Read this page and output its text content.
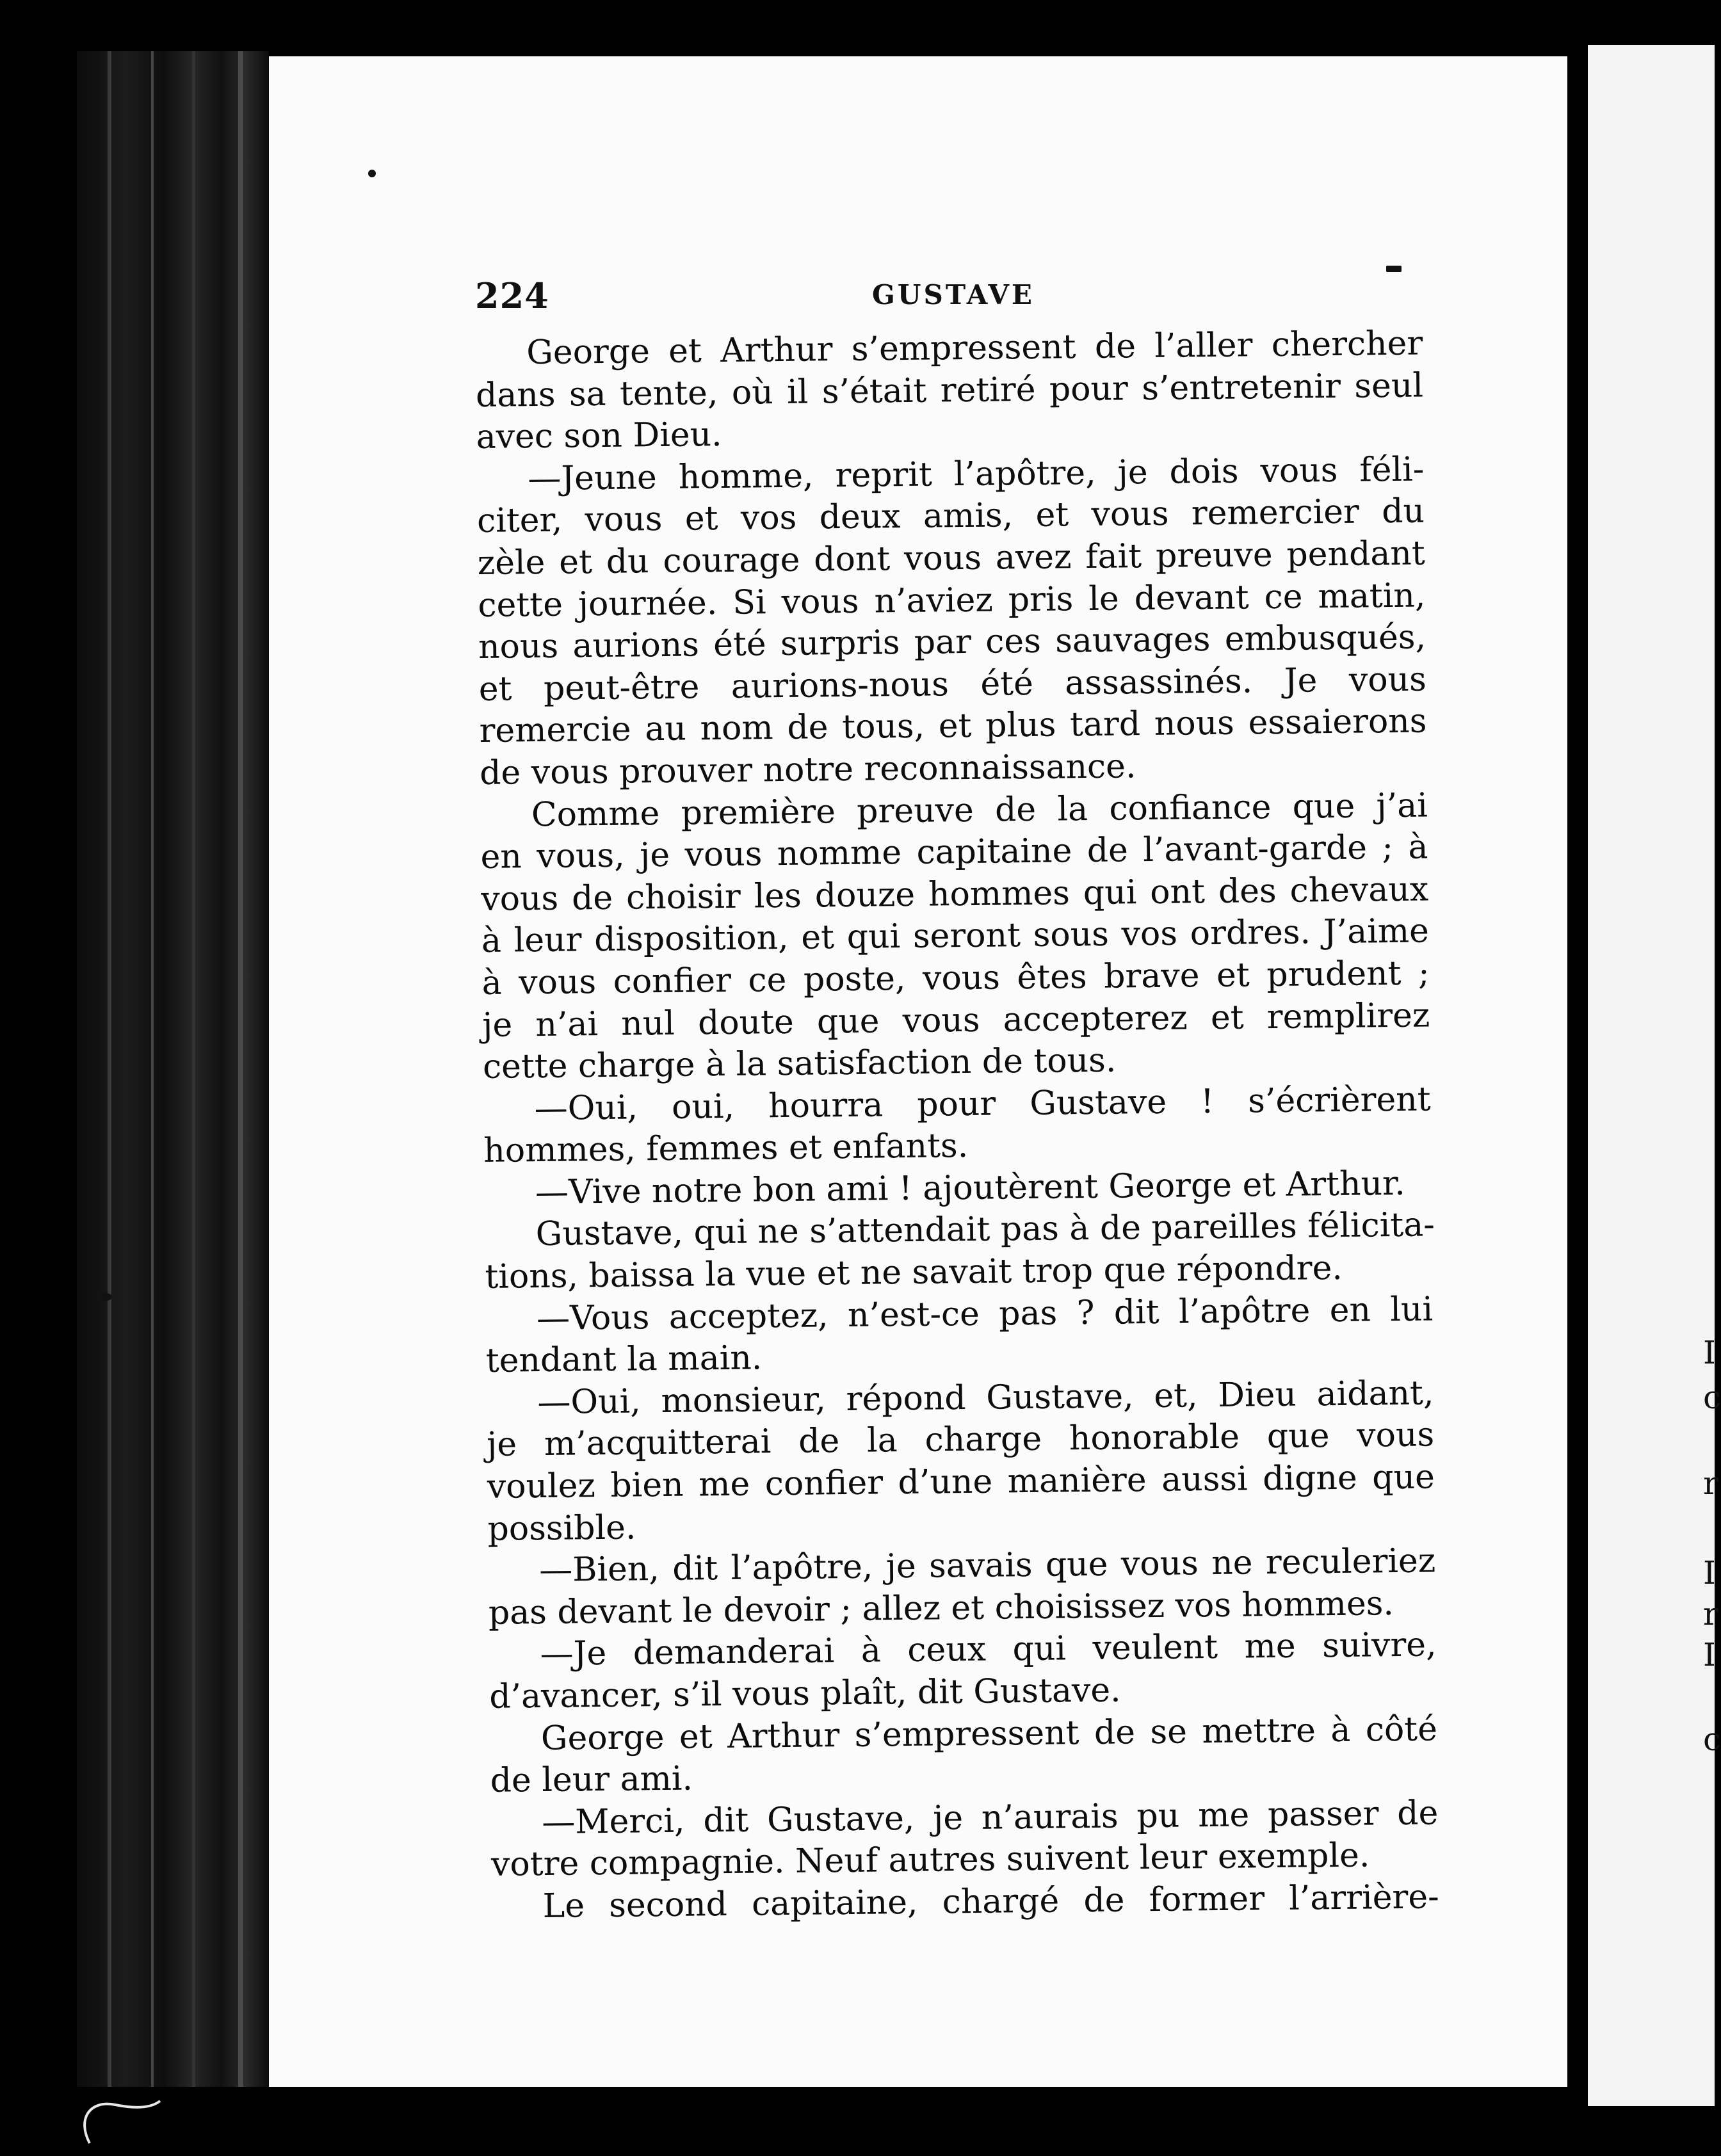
I
c
r
I
r
I
c
224	GUSTAVE
George et Arthur s’empressent de l’aller chercher
dans sa tente, où il s’était retiré pour s’entretenir seul
avec son Dieu.
—Jeune homme, reprit l’apôtre, je dois vous féli-
citer, vous et vos deux amis, et vous remercier du
zèle et du courage dont vous avez fait preuve pendant
cette journée. Si vous n’aviez pris le devant ce matin,
nous aurions été surpris par ces sauvages embusqués,
et peut-être aurions-nous été assassinés. Je vous
remercie au nom de tous, et plus tard nous essaierons
de vous prouver notre reconnaissance.
Comme première preuve de la confiance que j’ai
en vous, je vous nomme capitaine de l’avant-garde ; à
vous de choisir les douze hommes qui ont des chevaux
à leur disposition, et qui seront sous vos ordres. J’aime
à vous confier ce poste, vous êtes brave et prudent ;
je n’ai nul doute que vous accepterez et remplirez
cette charge à la satisfaction de tous.
—Oui, oui, hourra pour Gustave ! s’écrièrent
hommes, femmes et enfants.
—Vive notre bon ami ! ajoutèrent George et Arthur.
Gustave, qui ne s’attendait pas à de pareilles félicita-
tions, baissa la vue et ne savait trop que répondre.
—Vous acceptez, n’est-ce pas ? dit l’apôtre en lui
tendant la main.
—Oui, monsieur, répond Gustave, et, Dieu aidant,
je m’acquitterai de la charge honorable que vous
voulez bien me confier d’une manière aussi digne que
possible.
—Bien, dit l’apôtre, je savais que vous ne reculeriez
pas devant le devoir ; allez et choisissez vos hommes.
—Je demanderai à ceux qui veulent me suivre,
d’avancer, s’il vous plaît, dit Gustave.
George et Arthur s’empressent de se mettre à côté
de leur ami.
—Merci, dit Gustave, je n’aurais pu me passer de
votre compagnie. Neuf autres suivent leur exemple.
Le second capitaine, chargé de former l’arrière-
